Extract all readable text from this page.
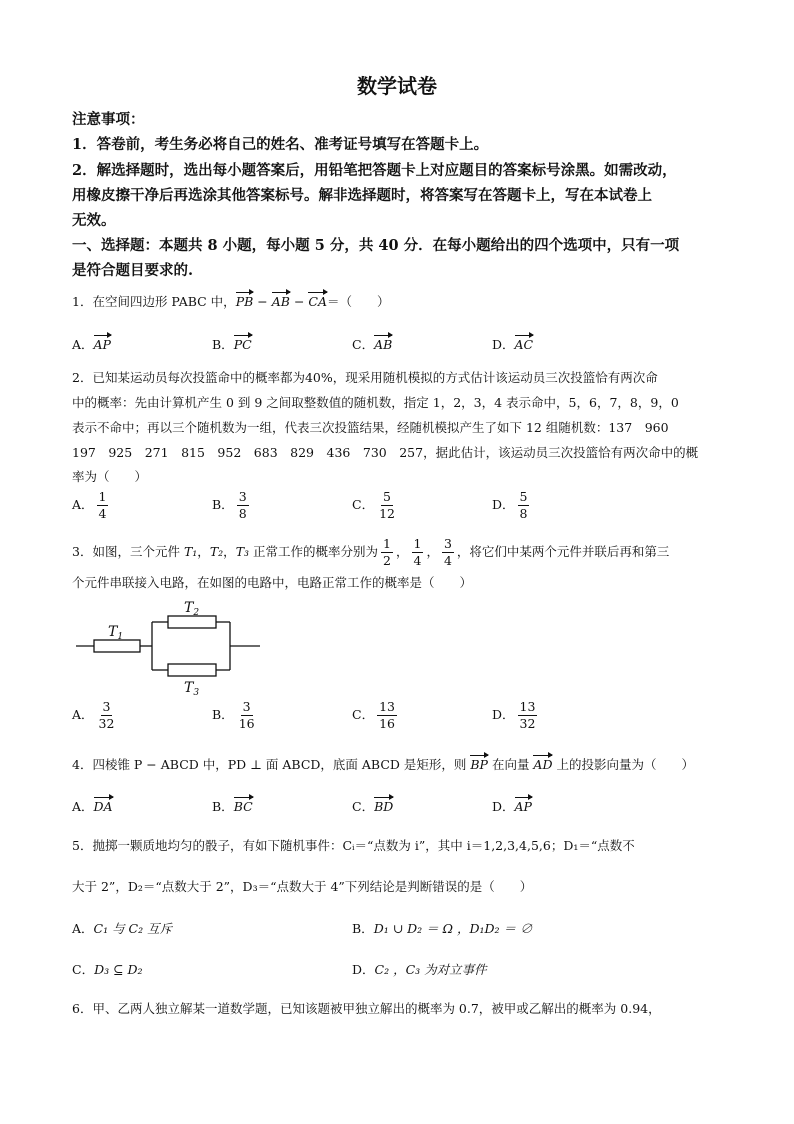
数学试卷
注意事项：
1．答卷前，考生务必将自己的姓名、准考证号填写在答题卡上。
2．解选择题时，选出每小题答案后，用铅笔把答题卡上对应题目的答案标号涂黑。如需改动，
用橡皮擦干净后再选涂其他答案标号。解非选择题时，将答案写在答题卡上，写在本试卷上
无效。
一、选择题：本题共 8 小题，每小题 5 分，共 40 分．在每小题给出的四个选项中，只有一项
是符合题目要求的.
1．在空间四边形 PABC 中，PB − AB − CA＝（　　）
A．AP	B．PC	C．AB	D．AC
2．已知某运动员每次投篮命中的概率都为40%，现采用随机模拟的方式估计该运动员三次投篮恰有两次命
中的概率：先由计算机产生 0 到 9 之间取整数值的随机数，指定 1，2，3，4 表示命中，5，6，7，8，9，0
表示不命中；再以三个随机数为一组，代表三次投篮结果，经随机模拟产生了如下 12 组随机数：137　960
197　925　271　815　952　683　829　436　730　257，据此估计，该运动员三次投篮恰有两次命中的概
率为（　　）
A． $\frac{1}{4}$	B． $\frac{3}{8}$	C． $\frac{5}{12}$	D． $\frac{5}{8}$
3．如图，三个元件 T₁，T₂，T₃ 正常工作的概率分别为 $\frac{1}{2}$ ， $\frac{1}{4}$ ， $\frac{3}{4}$ ，将它们中某两个元件并联后再和第三
个元件串联接入电路，在如图的电路中，电路正常工作的概率是（　　）
$T_1$
$T_2$
$T_3$
A． $\frac{3}{32}$	B． $\frac{3}{16}$	C． $\frac{13}{16}$	D． $\frac{13}{32}$
4．四棱锥 P − ABCD 中，PD ⊥ 面 ABCD，底面 ABCD 是矩形，则 BP 在向量 AD 上的投影向量为（　　）
A．DA	B．BC	C．BD	D．AP
5．抛掷一颗质地均匀的骰子，有如下随机事件：Cᵢ＝“点数为 i”，其中 i＝1,2,3,4,5,6；D₁＝“点数不
大于 2”，D₂＝“点数大于 2”，D₃＝“点数大于 4”下列结论是判断错误的是（　　）
A．C₁ 与 C₂ 互斥	B．D₁ ∪ D₂ ＝ Ω ，D₁D₂ ＝ ∅
C．D₃ ⊆ D₂	D．C₂ ，C₃ 为对立事件
6．甲、乙两人独立解某一道数学题，已知该题被甲独立解出的概率为 0.7，被甲或乙解出的概率为 0.94，
